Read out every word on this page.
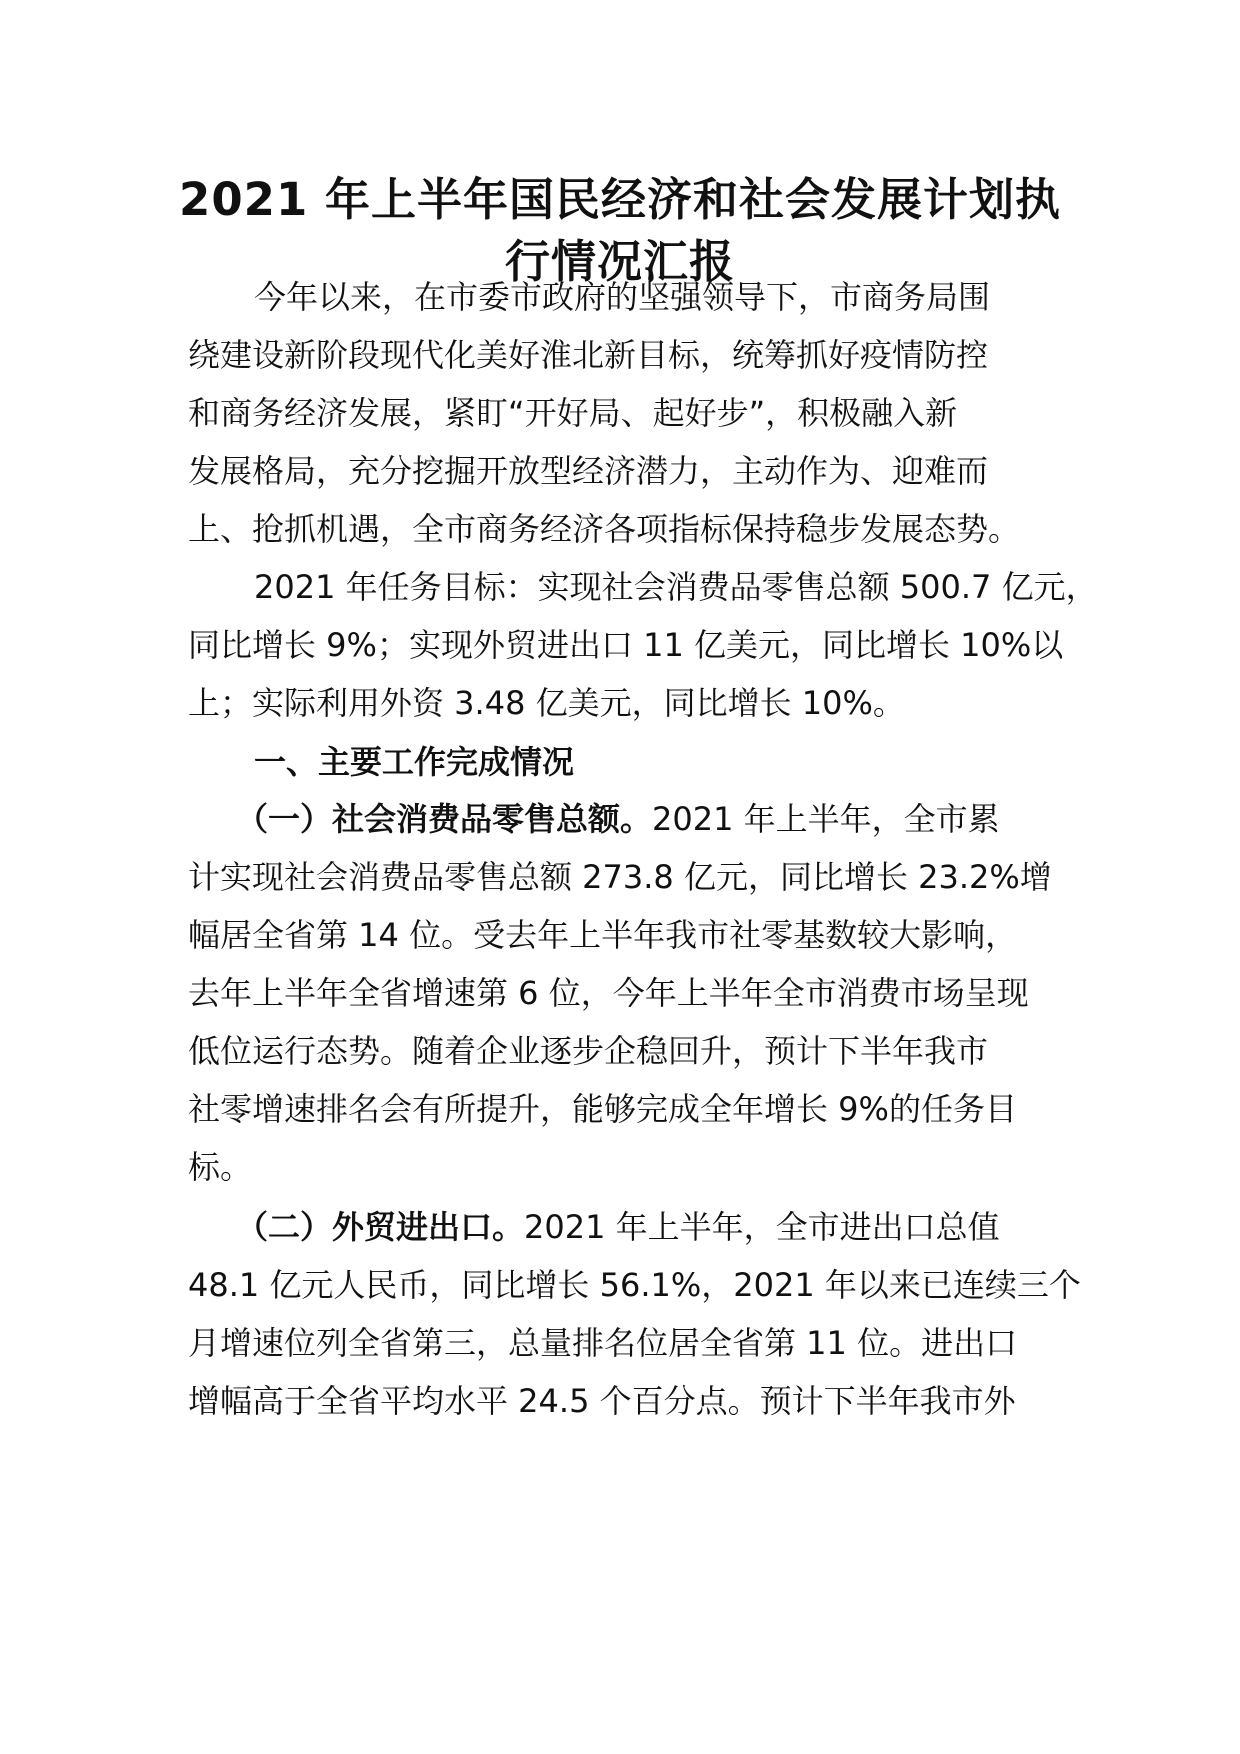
2021 年上半年国民经济和社会发展计划执
行情况汇报
今年以来，在市委市政府的坚强领导下，市商务局围
绕建设新阶段现代化美好淮北新目标，统筹抓好疫情防控
和商务经济发展，紧盯“开好局、起好步”，积极融入新
发展格局，充分挖掘开放型经济潜力，主动作为、迎难而
上、抢抓机遇，全市商务经济各项指标保持稳步发展态势。
2021 年任务目标：实现社会消费品零售总额 500.7 亿元，
同比增长 9%；实现外贸进出口 11 亿美元，同比增长 10%以
上；实际利用外资 3.48 亿美元，同比增长 10%。
一、主要工作完成情况
（一）社会消费品零售总额。2021 年上半年，全市累
计实现社会消费品零售总额 273.8 亿元，同比增长 23.2%增
幅居全省第 14 位。受去年上半年我市社零基数较大影响，
去年上半年全省增速第 6 位，今年上半年全市消费市场呈现
低位运行态势。随着企业逐步企稳回升，预计下半年我市
社零增速排名会有所提升，能够完成全年增长 9%的任务目
标。
（二）外贸进出口。2021 年上半年，全市进出口总值
48.1 亿元人民币，同比增长 56.1%，2021 年以来已连续三个
月增速位列全省第三，总量排名位居全省第 11 位。进出口
增幅高于全省平均水平 24.5 个百分点。预计下半年我市外
